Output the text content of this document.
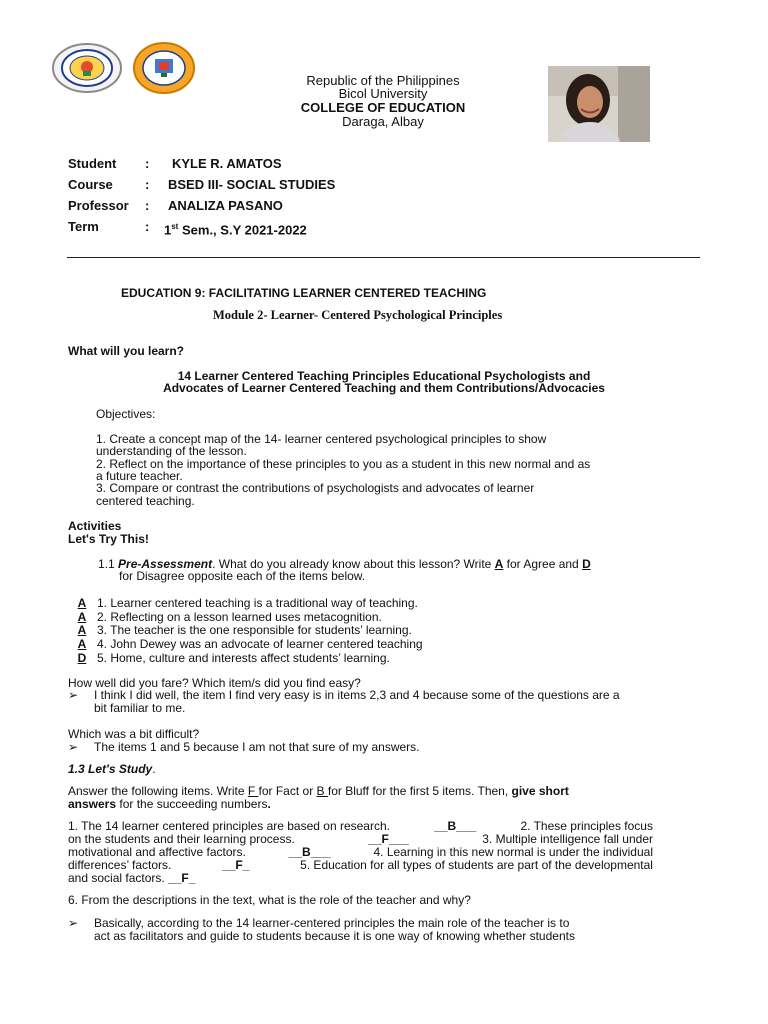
Republic of the Philippines
Bicol University
COLLEGE OF EDUCATION
Daraga, Albay
Student : KYLE R. AMATOS
Course : BSED III- SOCIAL STUDIES
Professor : ANALIZA PASANO
Term	: 1st Sem., S.Y 2021-2022
EDUCATION 9: FACILITATING LEARNER CENTERED TEACHING
Module 2- Learner- Centered Psychological Principles
What will you learn?
14 Learner Centered Teaching Principles Educational Psychologists and
Advocates of Learner Centered Teaching and them Contributions/Advocacies
Objectives:
1. Create a concept map of the 14- learner centered psychological principles to show
understanding of the lesson.
2. Reflect on the importance of these principles to you as a student in this new normal and as
a future teacher.
3. Compare or contrast the contributions of psychologists and advocates of learner
centered teaching.
Activities
Let's Try This!
1.1 Pre-Assessment. What do you already know about this lesson? Write A for Agree and D
for Disagree opposite each of the items below.
A 1. Learner centered teaching is a traditional way of teaching.
A 2. Reflecting on a lesson learned uses metacognition.
A 3. The teacher is the one responsible for students’ learning.
A 4. John Dewey was an advocate of learner centered teaching
D 5. Home, culture and interests affect students’ learning.
How well did you fare? Which item/s did you find easy?
➢ I think I did well, the item I find very easy is in items 2,3 and 4 because some of the questions are a
bit familiar to me.
Which was a bit difficult?
➢ The items 1 and 5 because I am not that sure of my answers.
1.3 Let's Study.
Answer the following items. Write F for Fact or B for Bluff for the first 5 items. Then, give short
answers for the succeeding numbers.
1. The 14 learner centered principles are based on research.	__B___	2. These principles focus
on the students and their learning process.	__F___	3. Multiple intelligence fall under
motivational and affective factors.	__B___	4. Learning in this new normal is under the individual
differences’ factors.	__F_	5. Education for all types of students are part of the developmental
and social factors. __F_
6. From the descriptions in the text, what is the role of the teacher and why?
➢ Basically, according to the 14 learner-centered principles the main role of the teacher is to
act as facilitators and guide to students because it is one way of knowing whether students
